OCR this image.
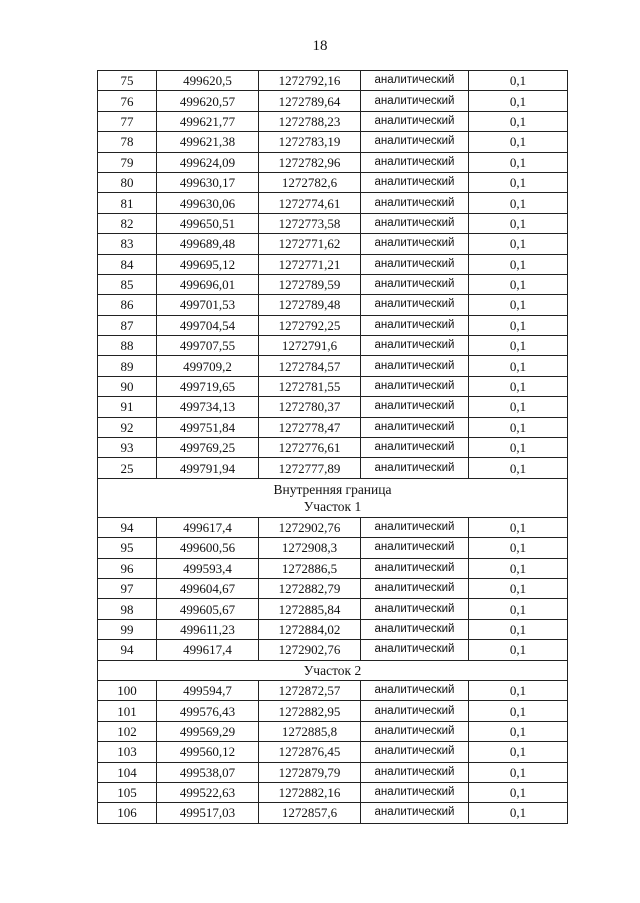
18
75	499620,5	1272792,16	аналитический	0,1
76	499620,57	1272789,64	аналитический	0,1
77	499621,77	1272788,23	аналитический	0,1
78	499621,38	1272783,19	аналитический	0,1
79	499624,09	1272782,96	аналитический	0,1
80	499630,17	1272782,6	аналитический	0,1
81	499630,06	1272774,61	аналитический	0,1
82	499650,51	1272773,58	аналитический	0,1
83	499689,48	1272771,62	аналитический	0,1
84	499695,12	1272771,21	аналитический	0,1
85	499696,01	1272789,59	аналитический	0,1
86	499701,53	1272789,48	аналитический	0,1
87	499704,54	1272792,25	аналитический	0,1
88	499707,55	1272791,6	аналитический	0,1
89	499709,2	1272784,57	аналитический	0,1
90	499719,65	1272781,55	аналитический	0,1
91	499734,13	1272780,37	аналитический	0,1
92	499751,84	1272778,47	аналитический	0,1
93	499769,25	1272776,61	аналитический	0,1
25	499791,94	1272777,89	аналитический	0,1

Внутренняя граница
Участок 1				

94	499617,4	1272902,76	аналитический	0,1
95	499600,56	1272908,3	аналитический	0,1
96	499593,4	1272886,5	аналитический	0,1
97	499604,67	1272882,79	аналитический	0,1
98	499605,67	1272885,84	аналитический	0,1
99	499611,23	1272884,02	аналитический	0,1
94	499617,4	1272902,76	аналитический	0,1
Участок 2				
100	499594,7	1272872,57	аналитический	0,1
101	499576,43	1272882,95	аналитический	0,1
102	499569,29	1272885,8	аналитический	0,1
103	499560,12	1272876,45	аналитический	0,1
104	499538,07	1272879,79	аналитический	0,1
105	499522,63	1272882,16	аналитический	0,1
106	499517,03	1272857,6	аналитический	0,1
